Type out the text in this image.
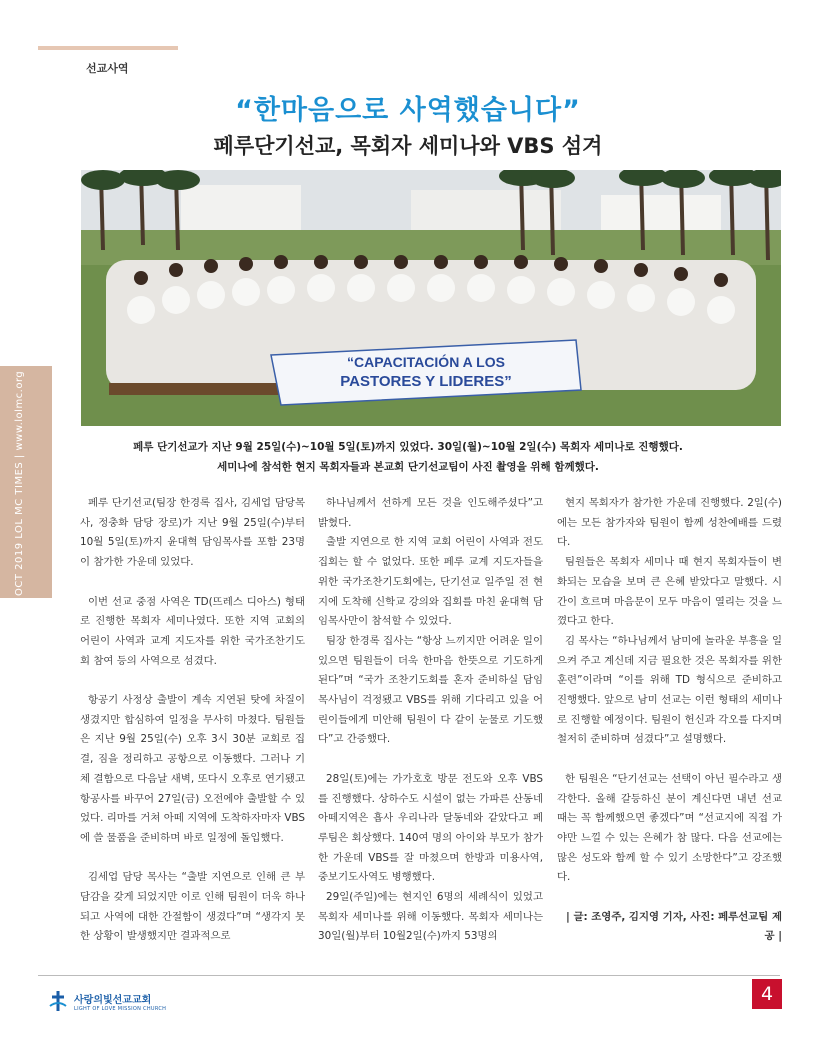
선교사역
“한마음으로 사역했습니다”
페루단기선교, 목회자 세미나와 VBS 섬겨
OCT 2019 LOL MC TIMES | www.lolmc.org
“CAPACITACIÓN A LOS
PASTORES Y LIDERES”
페루 단기선교가 지난 9월 25일(수)~10월 5일(토)까지 있었다. 30일(월)~10월 2일(수) 목회자 세미나로 진행했다.
세미나에 참석한 현지 목회자들과 본교회 단기선교팀이 사진 촬영을 위해 함께했다.

페루 단기선교(팀장 한경록 집사, 김세업 담당목사, 정충화 담당 장로)가 지난 9월 25일(수)부터 10월 5일(토)까지 윤대혁 담임목사를 포함 23명이 참가한 가운데 있었다.

이번 선교 중점 사역은 TD(뜨레스 디아스) 형태로 진행한 목회자 세미나였다. 또한 지역 교회의 어린이 사역과 교계 지도자를 위한 국가조찬기도회 참여 등의 사역으로 섬겼다.

항공기 사정상 출발이 계속 지연된 탓에 차질이 생겼지만 합심하여 일정을 무사히 마쳤다. 팀원들은 지난 9월 25일(수) 오후 3시 30분 교회로 집결, 짐을 정리하고 공항으로 이동했다. 그러나 기체 결함으로 다음날 새벽, 또다시 오후로 연기됐고 항공사를 바꾸어 27일(금) 오전에야 출발할 수 있었다. 리마를 거쳐 아떼 지역에 도착하자마자 VBS에 쓸 물품을 준비하며 바로 일정에 돌입했다.

김세업 담당 목사는 “출발 지연으로 인해 큰 부담감을 갖게 되었지만 이로 인해 팀원이 더욱 하나 되고 사역에 대한 간절함이 생겼다”며 “생각지 못한 상황이 발생했지만 결과적으로

하나님께서 선하게 모든 것을 인도해주셨다”고 밝혔다.

출발 지연으로 한 지역 교회 어린이 사역과 전도집회는 할 수 없었다. 또한 페루 교계 지도자들을 위한 국가조찬기도회에는, 단기선교 일주일 전 현지에 도착해 신학교 강의와 집회를 마친 윤대혁 담임목사만이 참석할 수 있었다.

팀장 한경록 집사는 “항상 느끼지만 어려운 일이 있으면 팀원들이 더욱 한마음 한뜻으로 기도하게 된다”며 “국가 조찬기도회를 혼자 준비하실 담임목사님이 걱정됐고 VBS를 위해 기다리고 있을 어린이들에게 미안해 팀원이 다 같이 눈물로 기도했다”고 간증했다.

28일(토)에는 가가호호 방문 전도와 오후 VBS를 진행했다. 상하수도 시설이 없는 가파른 산동네 아떼지역은 흡사 우리나라 달동네와 같았다고 페루팀은 회상했다. 140여 명의 아이와 부모가 참가한 가운데 VBS를 잘 마쳤으며 한방과 미용사역, 중보기도사역도 병행했다.

29일(주일)에는 현지인 6명의 세례식이 있었고 목회자 세미나를 위해 이동했다. 목회자 세미나는 30일(월)부터 10월2일(수)까지 53명의

현지 목회자가 참가한 가운데 진행했다. 2일(수)에는 모든 참가자와 팀원이 함께 성찬예배를 드렸다.

팀원들은 목회자 세미나 때 현지 목회자들이 변화되는 모습을 보며 큰 은혜 받았다고 말했다. 시간이 흐르며 마음문이 모두 마음이 열리는 것을 느꼈다고 한다.

김 목사는 “하나님께서 남미에 놀라운 부흥을 일으켜 주고 계신데 지금 필요한 것은 목회자를 위한 훈련”이라며 “이를 위해 TD 형식으로 준비하고 진행했다. 앞으로 남미 선교는 이런 형태의 세미나로 진행할 예정이다. 팀원이 헌신과 각오를 다지며 철저히 준비하며 섬겼다”고 설명했다.

한 팀원은 “단기선교는 선택이 아닌 필수라고 생각한다. 올해 갈등하신 분이 계신다면 내년 선교 때는 꼭 함께했으면 좋겠다”며 “선교지에 직접 가야만 느낄 수 있는 은혜가 참 많다. 다음 선교에는 많은 성도와 함께 할 수 있기 소망한다”고 강조했다.

| 글: 조영주, 김지영 기자, 사진: 페루선교팀 제공 |

사랑의빛선교교회
LIGHT OF LOVE MISSION CHURCH
4
